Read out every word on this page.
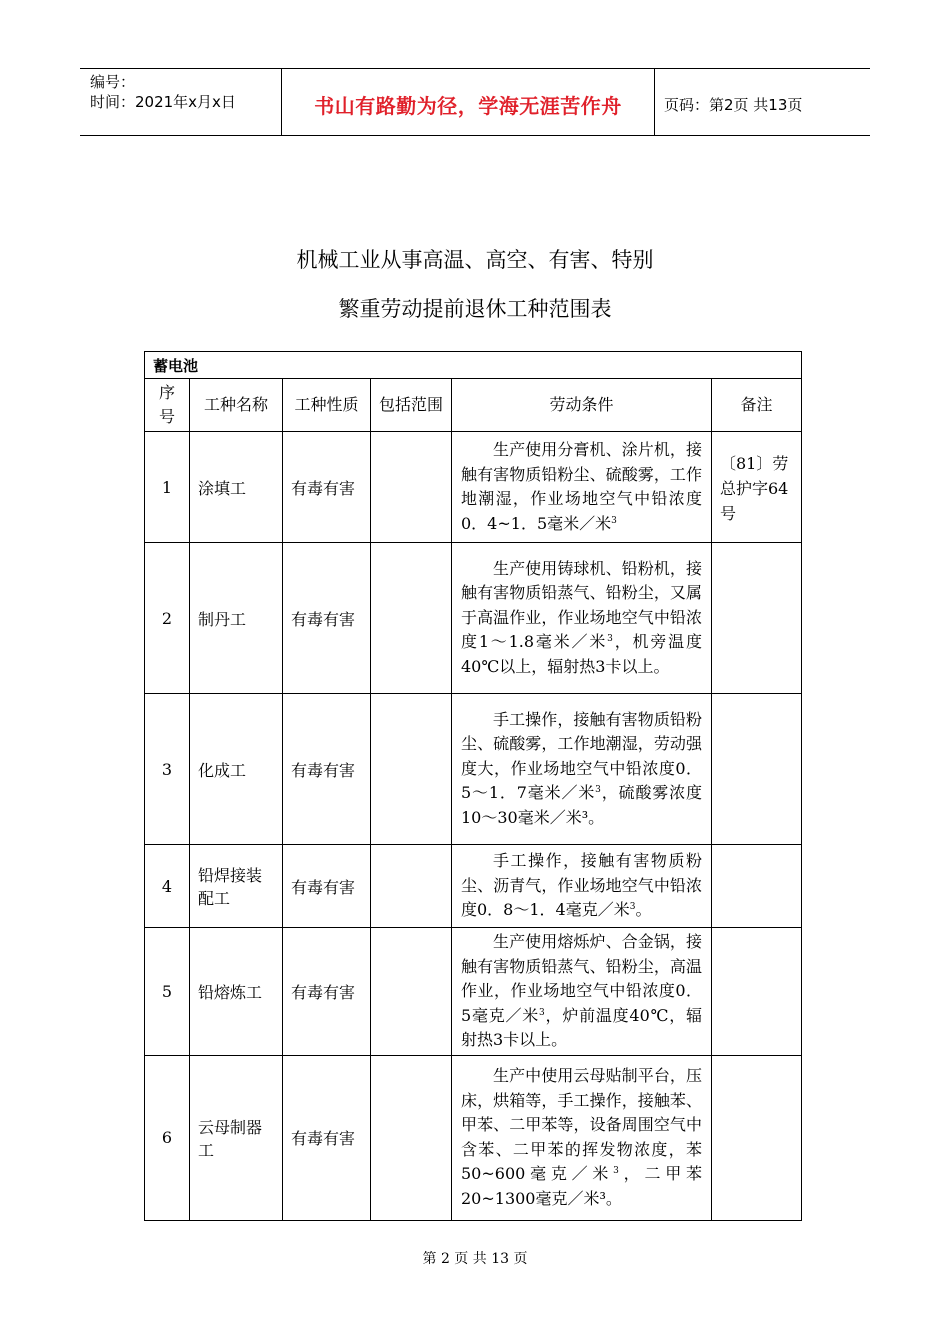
编号：
时间：2021年x月x日	书山有路勤为径，学海无涯苦作舟	页码：第2页 共13页
机械工业从事高温、高空、有害、特别
繁重劳动提前退休工种范围表
蓄电池					
序号	工种名称	工种性质	包括范围	劳动条件	备注
1	涂填工	有毒有害		生产使用分膏机、涂片机，接触有害物质铅粉尘、硫酸雾，工作地潮湿，作业场地空气中铅浓度0．4~1．5毫米／米$^3$	〔81〕劳总护字64号
2	制丹工	有毒有害		生产使用铸球机、铅粉机，接触有害物质铅蒸气、铅粉尘，又属于高温作业，作业场地空气中铅浓度1～1.8毫米／米$^3$，机旁温度40℃以上，辐射热3卡以上。	
3	化成工	有毒有害		手工操作，接触有害物质铅粉尘、硫酸雾，工作地潮湿，劳动强度大，作业场地空气中铅浓度0．5～1．7毫米／米$^3$，硫酸雾浓度10～30毫米／米³。	
4	铅焊接装配工	有毒有害		手工操作，接触有害物质粉尘、沥青气，作业场地空气中铅浓度0．8～1．4毫克／米$^3$。	
5	铅熔炼工	有毒有害		生产使用熔烁炉、合金锅，接触有害物质铅蒸气、铅粉尘，高温作业，作业场地空气中铅浓度0．5毫克／米$^3$，炉前温度40℃，辐射热3卡以上。	
6	云母制器工	有毒有害		生产中使用云母贴制平台，压床，烘箱等，手工操作，接触苯、甲苯、二甲苯等，设备周围空气中含苯、二甲苯的挥发物浓度，苯50~600毫克／米$^3$，二甲苯20~1300毫克／米³。	
第 2 页 共 13 页
